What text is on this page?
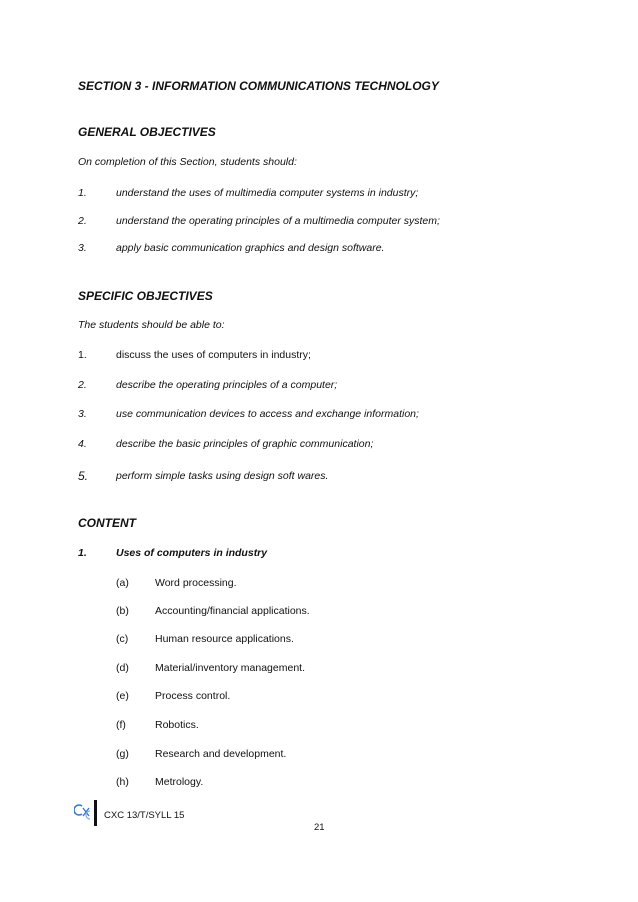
SECTION 3 - INFORMATION COMMUNICATIONS TECHNOLOGY
GENERAL OBJECTIVES
On completion of this Section, students should:
1.	understand the uses of multimedia computer systems in industry;
2.	understand the operating principles of a multimedia computer system;
3.	apply basic communication graphics and design software.
SPECIFIC OBJECTIVES
The students should be able to:
1.	discuss the uses of computers in industry;
2.	describe the operating principles of a computer;
3.	use communication devices to access and exchange information;
4.	describe the basic principles of graphic communication;
5.	perform simple tasks using design soft wares.
CONTENT
1.	Uses of computers in industry
(a) Word processing.
(b) Accounting/financial applications.
(c)	Human resource applications.
(d) Material/inventory management.
(e) Process control.
(f)	Robotics.
(g) Research and development.
(h) Metrology.
CXC 13/T/SYLL 15
21
